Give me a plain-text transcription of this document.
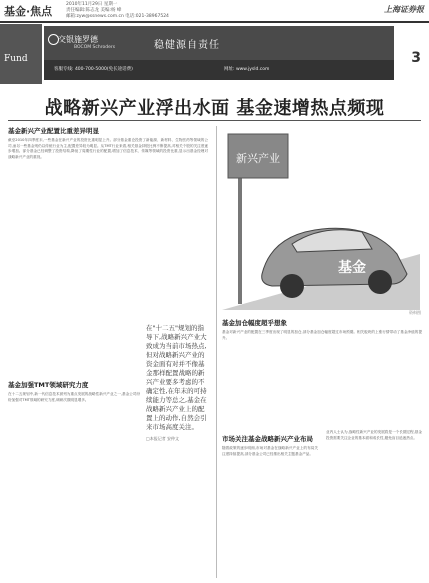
基金·焦点
2010年11月29日 星期一
责任编辑:陈志龙 美编:杨 峰
邮箱:zyw@ssnews.com.cn 电话:021-38967524
上海证券报
Fund
交银施罗德
BOCOM Schroders	稳健源自责任
客服专线: 400-700-5000(免长途话费)	网址: www.jysld.com
3
战略新兴产业浮出水面 基金速增热点频现
基金新兴产业配置比重差异明显
截至2010年四季度末,一些基金在新兴产业的投资比重明显上升。部分基金重仓投资了新能源、新材料、生物医药等领域的公司,而另一些基金则仍以传统行业为主,配置差异较为明显。从TMT行业来看,相关基金持股比例不断提高,对相关个股的关注度逐步增加。部分基金已经调整了投资结构,降低了周期性行业的配置,增加了信息技术、传媒等领域的投资比重,显示出基金经理对战略新兴产业的重视。	新兴产业
基金
资料图
基金加仓幅度超乎想象
基金对新兴产业的配置在三季度出现了明显的加仓,部分基金加仓幅度超过市场预期。相关板块的上涨行情带动了基金净值的提升。
在"十二五"规划的指导下,战略新兴产业大致成为当前市场热点,但对战略新兴产业的资金面有对并不像基金那样配置战略的新兴产业要多考虑的不确定性,在年末的可持续能力等总之,基金在战略新兴产业上的配置上的动作,自然会引来市场高度关注。
□本报记者 安仲文
基金加强TMT领域研究力度
在十二五规划中,新一代信息技术被列为重点发展的战略性新兴产业之一,基金公司纷纷加强对TMT领域的研究力度,调研次数明显增多。
市场关注基金战略新兴产业布局
随着政策的逐步明朗,市场对基金在战略新兴产业上的布局关注度持续提高,部分基金公司已经推出相关主题基金产品。
业内人士认为,战略性新兴产业的发展将是一个长期过程,基金投资需要关注企业的基本面和成长性,避免盲目追逐热点。
